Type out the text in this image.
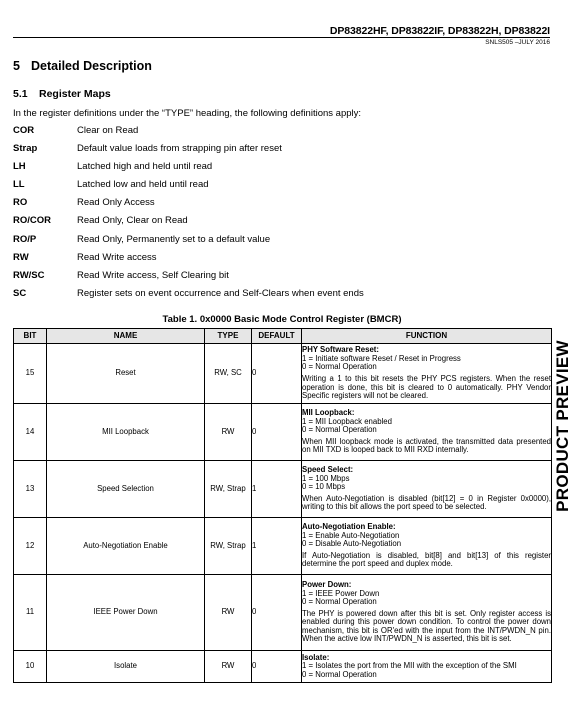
DP83822HF, DP83822IF, DP83822H, DP83822I
SNLS505 –JULY 2016
PRODUCT PREVIEW
5 Detailed Description
5.1 Register Maps
In the register definitions under the “TYPE” heading, the following definitions apply:
COR	Clear on Read
Strap	Default value loads from strapping pin after reset
LH	Latched high and held until read
LL	Latched low and held until read
RO	Read Only Access
RO/COR	Read Only, Clear on Read
RO/P	Read Only, Permanently set to a default value
RW	Read Write access
RW/SC	Read Write access, Self Clearing bit
SC	Register sets on event occurrence and Self-Clears when event ends
Table 1. 0x0000 Basic Mode Control Register (BMCR)
BIT	NAME	TYPE	DEFAULT	FUNCTION
15	Reset	RW, SC	0	PHY Software Reset:
1 = Initiate software Reset / Reset in Progress
0 = Normal Operation
Writing a 1 to this bit resets the PHY PCS registers. When the reset operation is done, this bit is cleared to 0 automatically. PHY Vendor Specific registers will not be cleared.

14	MII Loopback	RW	0	MII Loopback:
1 = MII Loopback enabled
0 = Normal Operation
When MII loopback mode is activated, the transmitted data presented on MII TXD is looped back to MII RXD internally.

13	Speed Selection	RW, Strap	1	Speed Select:
1 = 100 Mbps
0 = 10 Mbps
When Auto-Negotiation is disabled (bit[12] = 0 in Register 0x0000), writing to this bit allows the port speed to be selected.

12	Auto-Negotiation Enable	RW, Strap	1	Auto-Negotiation Enable:
1 = Enable Auto-Negotiation
0 = Disable Auto-Negotiation
If Auto-Negotiation is disabled, bit[8] and bit[13] of this register determine the port speed and duplex mode.

11	IEEE Power Down	RW	0	Power Down:
1 = IEEE Power Down
0 = Normal Operation
The PHY is powered down after this bit is set. Only register access is enabled during this power down condition. To control the power down mechanism, this bit is OR'ed with the input from the INT/PWDN_N pin. When the active low INT/PWDN_N is asserted, this bit is set.

10	Isolate	RW	0	Isolate:
1 = Isolates the port from the MII with the exception of the SMI
0 = Normal Operation
